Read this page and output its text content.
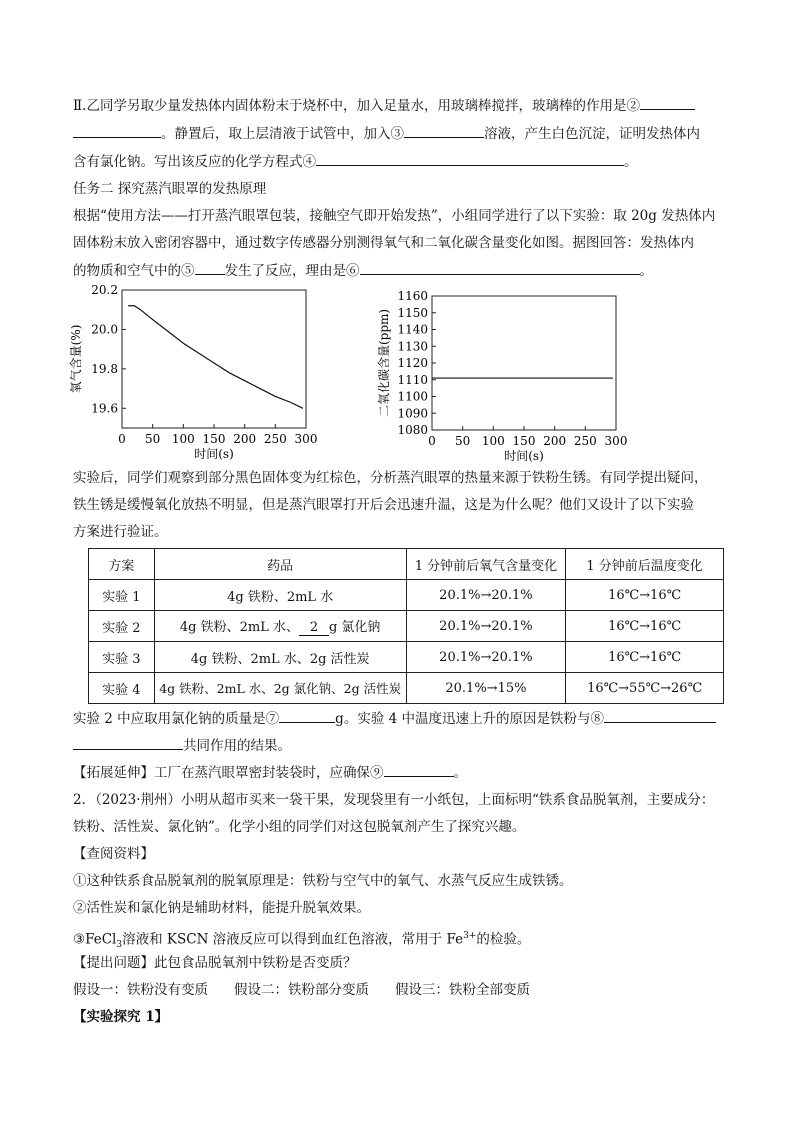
Ⅱ.乙同学另取少量发热体内固体粉末于烧杯中，加入足量水，用玻璃棒搅拌，玻璃棒的作用是②
。静置后，取上层清液于试管中，加入③	溶液，产生白色沉淀，证明发热体内
含有氯化钠。写出该反应的化学方程式④	。
任务二 探究蒸汽眼罩的发热原理
根据“使用方法——打开蒸汽眼罩包装，接触空气即开始发热”，小组同学进行了以下实验：取 20g 发热体内
固体粉末放入密闭容器中，通过数字传感器分别测得氧气和二氧化碳含量变化如图。据图回答：发热体内
的物质和空气中的⑤ 发生了反应，理由是⑥	。
20.2
20.0
19.8
19.6
0 50 100 150 200 250 300
时间(s)
氧气含量(%)
1160
1150
1140
1130
1120
1110
1100
1090
1080
0 50 100 150 200 250 300
时间(s)
二氧化碳含量(ppm)
实验后，同学们观察到部分黑色固体变为红棕色，分析蒸汽眼罩的热量来源于铁粉生锈。有同学提出疑问，
铁生锈是缓慢氧化放热不明显，但是蒸汽眼罩打开后会迅速升温，这是为什么呢？他们又设计了以下实验
方案进行验证。
方案	药品	1 分钟前后氧气含量变化	1 分钟前后温度变化
实验 1	4g 铁粉、2mL 水	20.1%→20.1%	16℃→16℃
实验 2	4g 铁粉、2mL 水、 2 g 氯化钠	20.1%→20.1%	16℃→16℃
实验 3	4g 铁粉、2mL 水、2g 活性炭	20.1%→20.1%	16℃→16℃
实验 4	4g 铁粉、2mL 水、2g 氯化钠、2g 活性炭	20.1%→15%	16℃→55℃→26℃
实验 2 中应取用氯化钠的质量是⑦	g。实验 4 中温度迅速上升的原因是铁粉与⑧
共同作用的结果。
【拓展延伸】工厂在蒸汽眼罩密封装袋时，应确保⑨	。
2．（2023·荆州）小明从超市买来一袋干果，发现袋里有一小纸包，上面标明“铁系食品脱氧剂，主要成分：
铁粉、活性炭、氯化钠”。化学小组的同学们对这包脱氧剂产生了探究兴趣。
【查阅资料】
①这种铁系食品脱氧剂的脱氧原理是：铁粉与空气中的氧气、水蒸气反应生成铁锈。
②活性炭和氯化钠是辅助材料，能提升脱氧效果。
③FeCl$_3$溶液和 KSCN 溶液反应可以得到血红色溶液，常用于 $Fe^{3+}$的检验。
【提出问题】此包食品脱氧剂中铁粉是否变质？
假设一：铁粉没有变质 假设二：铁粉部分变质 假设三：铁粉全部变质
【实验探究 1】
